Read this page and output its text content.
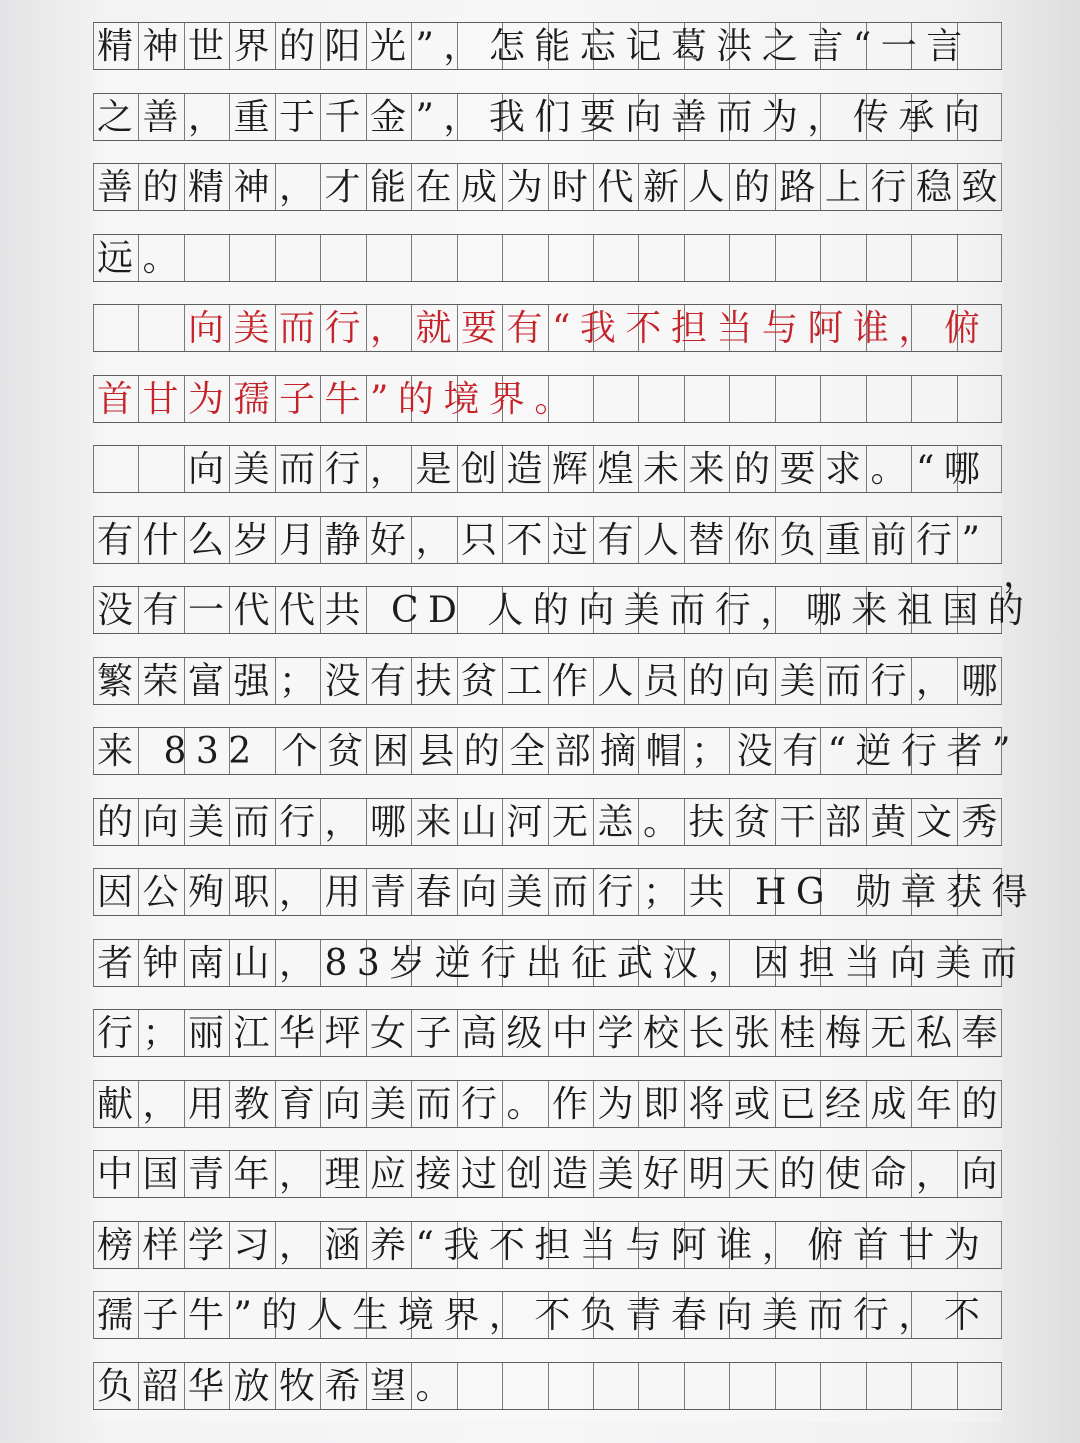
精神世界的阳光”，怎能忘记葛洪之言“一言
之善，重于千金”，我们要向善而为，传承向
善的精神，才能在成为时代新人的路上行稳致
远。
　　向美而行，就要有“我不担当与阿谁，俯
首甘为孺子牛”的境界。
　　向美而行，是创造辉煌未来的要求。“哪
有什么岁月静好，只不过有人替你负重前行”
没有一代代共 CD 人的向美而行，哪来祖国的
繁荣富强；没有扶贫工作人员的向美而行，哪
来 832 个贫困县的全部摘帽；没有“逆行者”
的向美而行，哪来山河无恙。扶贫干部黄文秀
因公殉职，用青春向美而行；共 HG 勋章获得
者钟南山，83岁逆行出征武汉，因担当向美而
行；丽江华坪女子高级中学校长张桂梅无私奉
献，用教育向美而行。作为即将或已经成年的
中国青年，理应接过创造美好明天的使命，向
榜样学习，涵养“我不担当与阿谁，俯首甘为
孺子牛”的人生境界，不负青春向美而行，不
负韶华放牧希望。
，
